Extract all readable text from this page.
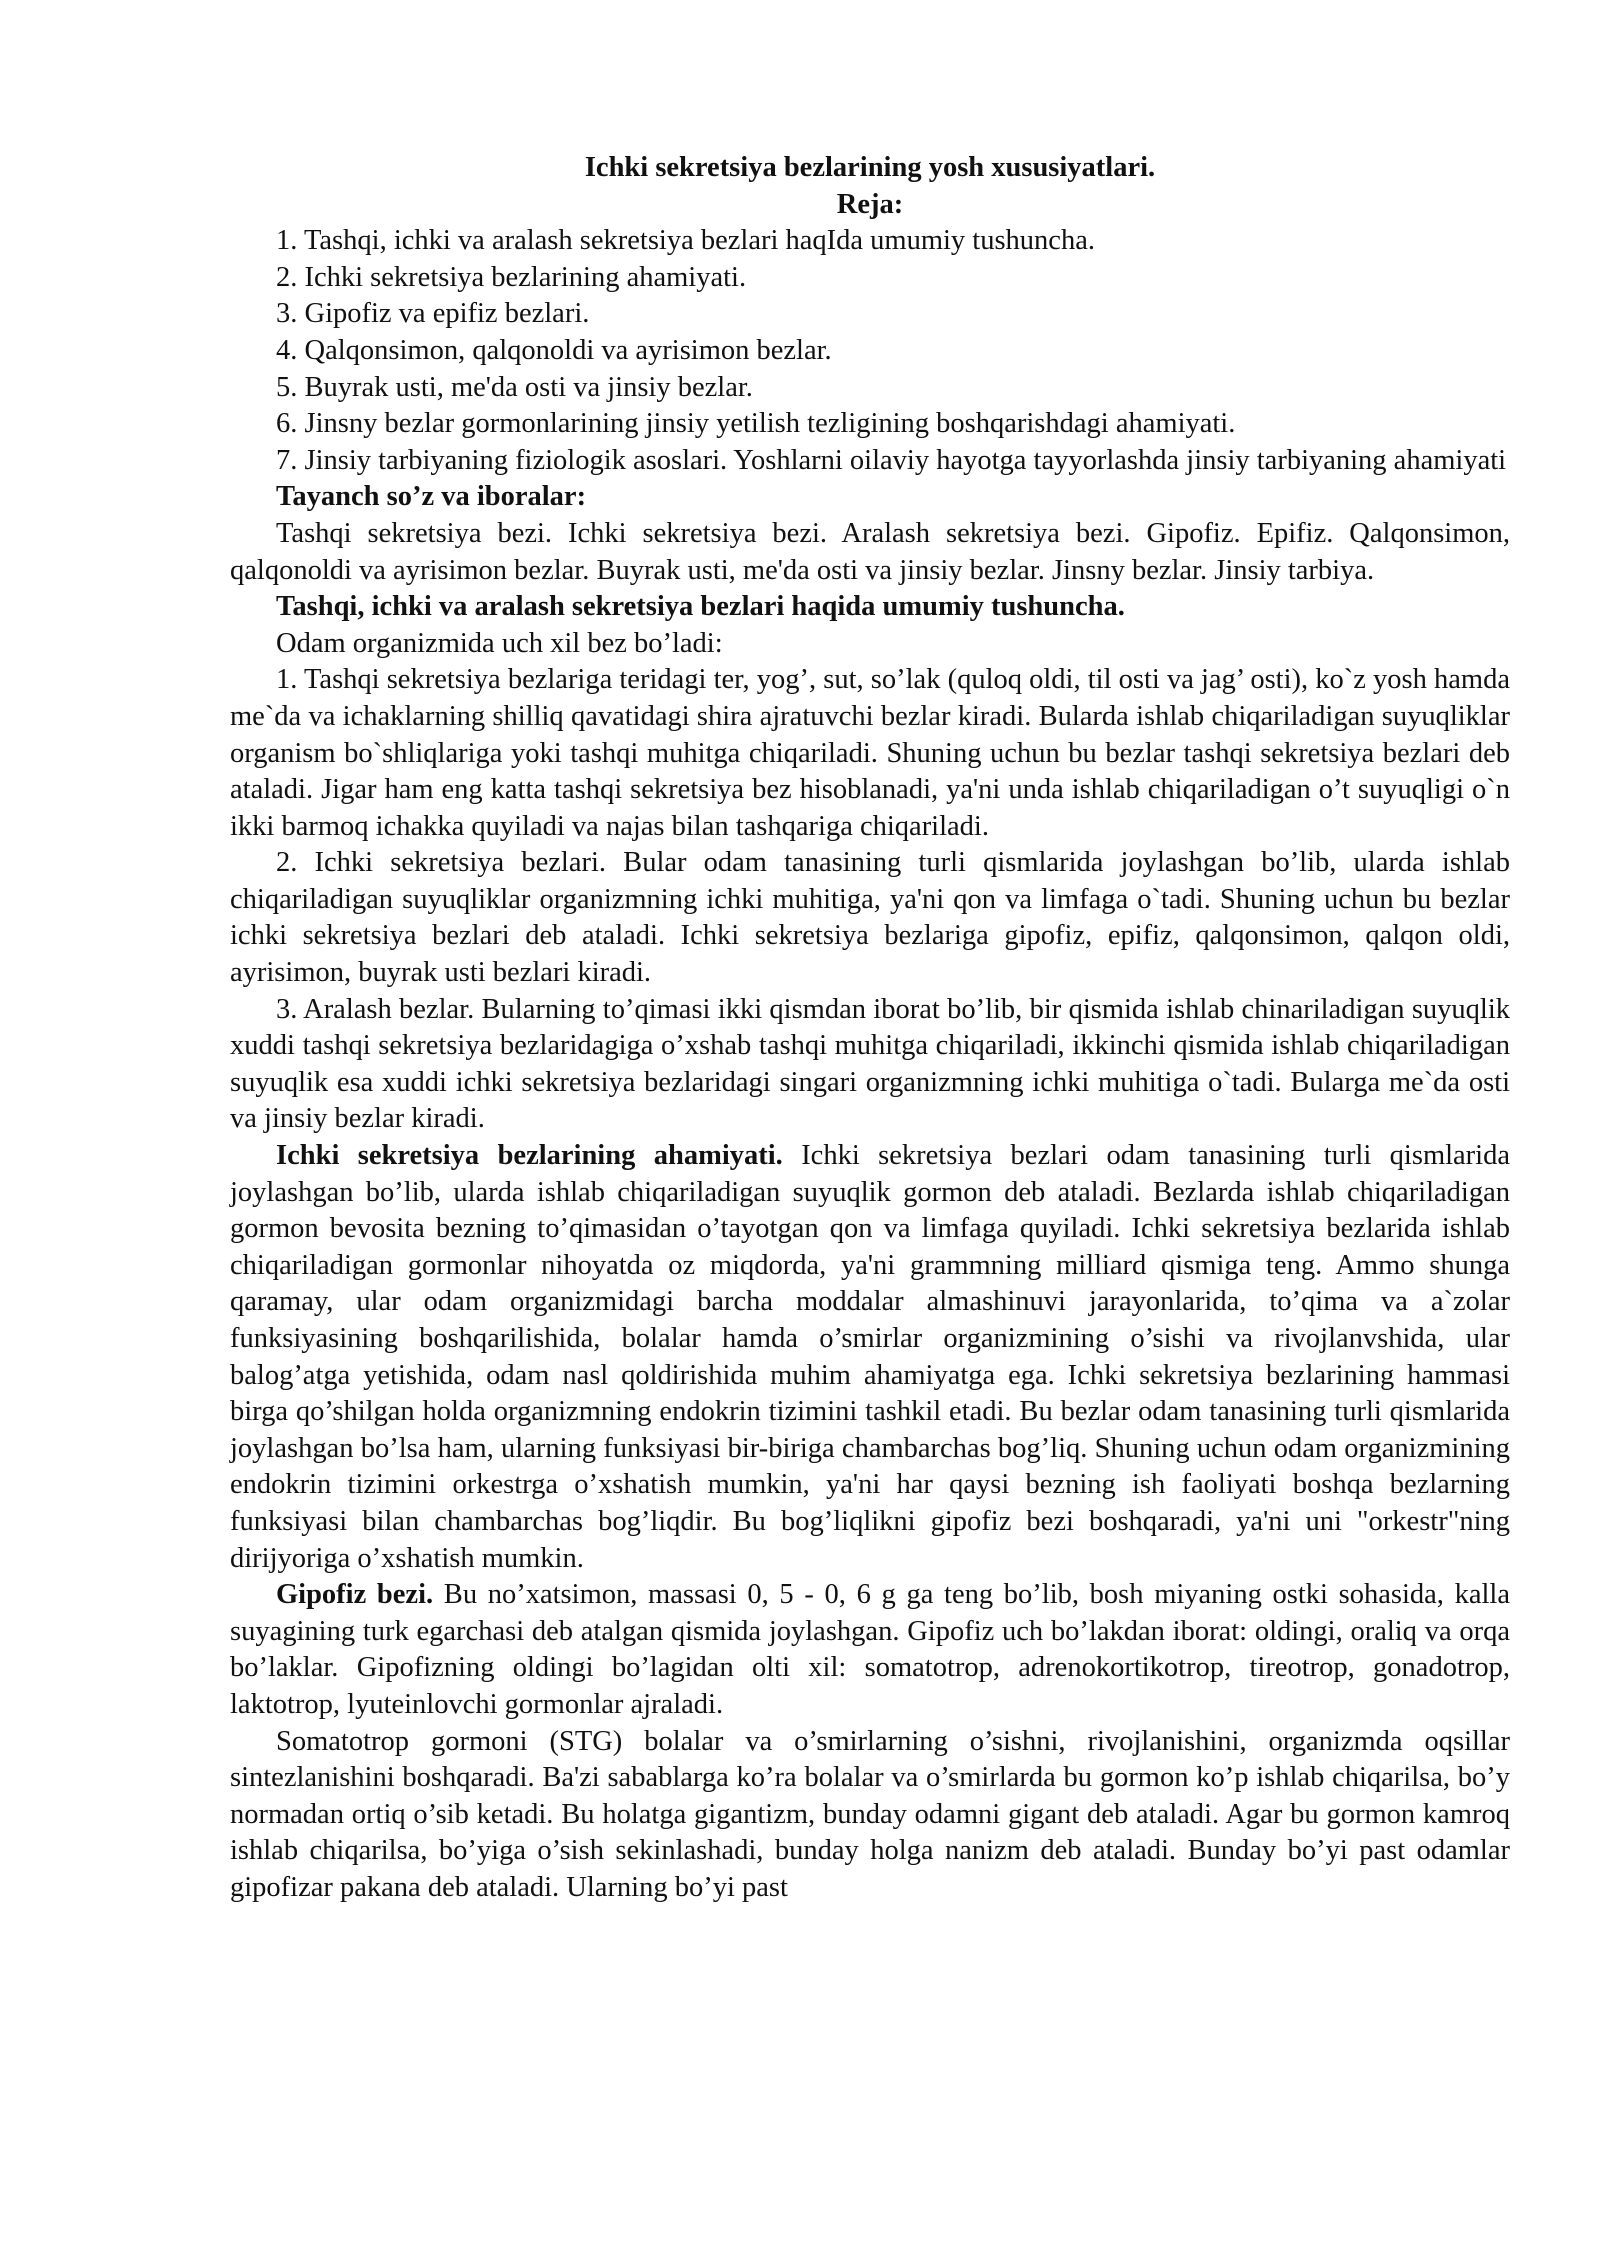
Ichki sekretsiya bezlarining yosh xususiyatlari.

Reja:

1. Tashqi, ichki va aralash sekretsiya bezlari haqIda umumiy tushuncha.

2. Ichki sekretsiya bezlarining ahamiyati.

3. Gipofiz va epifiz bezlari.

4. Qalqonsimon, qalqonoldi va ayrisimon bezlar.

5. Buyrak usti, me'da osti va jinsiy bezlar.

6. Jinsny bezlar gormonlarining jinsiy yetilish tezligining boshqarishdagi ahamiyati.

7. Jinsiy tarbiyaning fiziologik asoslari. Yoshlarni oilaviy hayotga tayyorlashda jinsiy tarbiyaning ahamiyati

Tayanch so’z va iboralar:

Tashqi sekretsiya bezi. Ichki sekretsiya bezi. Aralash sekretsiya bezi. Gipofiz. Epifiz. Qalqonsimon, qalqonoldi va ayrisimon bezlar. Buyrak usti, me'da osti va jinsiy bezlar. Jinsny bezlar. Jinsiy tarbiya.

Tashqi, ichki va aralash sekretsiya bezlari haqida umumiy tushuncha.

Odam organizmida uch xil bez bo’ladi:

1. Tashqi sekretsiya bezlariga teridagi ter, yog’, sut, so’lak (quloq oldi, til osti va jag’ osti), ko`z yosh hamda me`da va ichaklarning shilliq qavatidagi shira ajratuvchi bezlar kiradi. Bularda ishlab chiqariladigan suyuqliklar organism bo`shliqlariga yoki tashqi muhitga chiqariladi. Shuning uchun bu bezlar tashqi sekretsiya bezlari deb ataladi. Jigar ham eng katta tashqi sekretsiya bez hisoblanadi, ya'ni unda ishlab chiqariladigan o’t suyuqligi o`n ikki barmoq ichakka quyiladi va najas bilan tashqariga chiqariladi.

2. Ichki sekretsiya bezlari. Bular odam tanasining turli qismlarida joylashgan bo’lib, ularda ishlab chiqariladigan suyuqliklar organizmning ichki muhitiga, ya'ni qon va limfaga o`tadi. Shuning uchun bu bezlar ichki sekretsiya bezlari deb ataladi. Ichki sekretsiya bezlariga gipofiz, epifiz, qalqonsimon, qalqon oldi, ayrisimon, buyrak usti bezlari kiradi.

3. Aralash bezlar. Bularning to’qimasi ikki qismdan iborat bo’lib, bir qismida ishlab chinariladigan suyuqlik xuddi tashqi sekretsiya bezlaridagiga o’xshab tashqi muhitga chiqariladi, ikkinchi qismida ishlab chiqariladigan suyuqlik esa xuddi ichki sekretsiya bezlaridagi singari organizmning ichki muhitiga o`tadi. Bularga me`da osti va jinsiy bezlar kiradi.

Ichki sekretsiya bezlarining ahamiyati. Ichki sekretsiya bezlari odam tanasining turli qismlarida joylashgan bo’lib, ularda ishlab chiqariladigan suyuqlik gormon deb ataladi. Bezlarda ishlab chiqariladigan gormon bevosita bezning to’qimasidan o’tayotgan qon va limfaga quyiladi. Ichki sekretsiya bezlarida ishlab chiqariladigan gormonlar nihoyatda oz miqdorda, ya'ni grammning milliard qismiga teng. Ammo shunga qaramay, ular odam organizmidagi barcha moddalar almashinuvi jarayonlarida, to’qima va a`zolar funksiyasining boshqarilishida, bolalar hamda o’smirlar organizmining o’sishi va rivojlanvshida, ular balog’atga yetishida, odam nasl qoldirishida muhim ahamiyatga ega. Ichki sekretsiya bezlarining hammasi birga qo’shilgan holda organizmning endokrin tizimini tashkil etadi. Bu bezlar odam tanasining turli qismlarida joylashgan bo’lsa ham, ularning funksiyasi bir-biriga chambarchas bog’liq. Shuning uchun odam organizmining endokrin tizimini orkestrga o’xshatish mumkin, ya'ni har qaysi bezning ish faoliyati boshqa bezlarning funksiyasi bilan chambarchas bog’liqdir. Bu bog’liqlikni gipofiz bezi boshqaradi, ya'ni uni "orkestr"ning dirijyoriga o’xshatish mumkin.

Gipofiz bezi. Bu no’xatsimon, massasi 0, 5 - 0, 6 g ga teng bo’lib, bosh miyaning ostki sohasida, kalla suyagining turk egarchasi deb atalgan qismida joylashgan. Gipofiz uch bo’lakdan iborat: oldingi, oraliq va orqa bo’laklar. Gipofizning oldingi bo’lagidan olti xil: somatotrop, adrenokortikotrop, tireotrop, gonadotrop, laktotrop, lyuteinlovchi gormonlar ajraladi.

Somatotrop gormoni (STG) bolalar va o’smirlarning o’sishni, rivojlanishini, organizmda oqsillar sintezlanishini boshqaradi. Ba'zi sabablarga ko’ra bolalar va o’smirlarda bu gormon ko’p ishlab chiqarilsa, bo’y normadan ortiq o’sib ketadi. Bu holatga gigantizm, bunday odamni gigant deb ataladi. Agar bu gormon kamroq ishlab chiqarilsa, bo’yiga o’sish sekinlashadi, bunday holga nanizm deb ataladi. Bunday bo’yi past odamlar gipofizar pakana deb ataladi. Ularning bo’yi past
